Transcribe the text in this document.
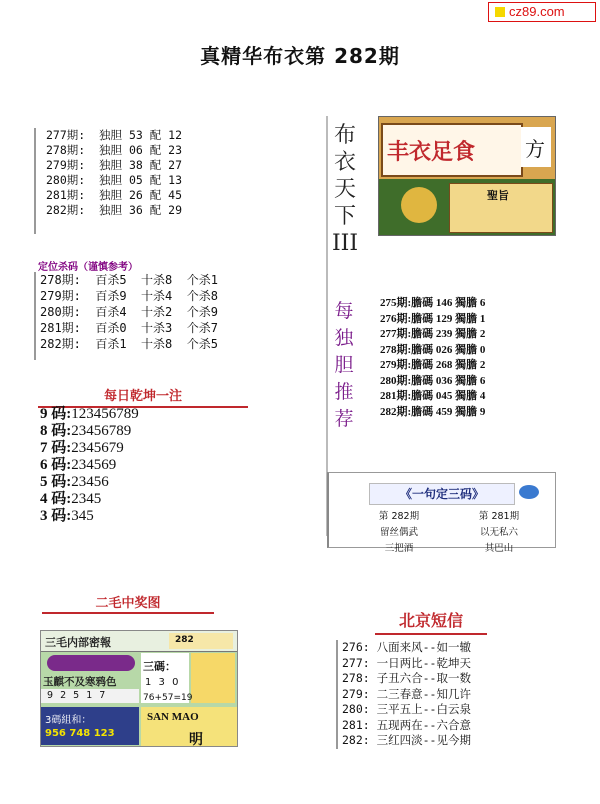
cz89.com
真精华布衣第 282期
277期:  独胆 53 配 12
278期:  独胆 06 配 23
279期:  独胆 38 配 27
280期:  独胆 05 配 13
281期:  独胆 26 配 45
282期:  独胆 36 配 29
定位杀码（谨慎参考）
278期:  百杀5  十杀8  个杀1
279期:  百杀9  十杀4  个杀8
280期:  百杀4  十杀2  个杀9
281期:  百杀0  十杀3  个杀7
282期:  百杀1  十杀8  个杀5
每日乾坤一注
9 码:123456789
8 码:23456789
7 码:2345679
6 码:234569
5 码:23456
4 码:2345
3 码:345
二毛中奖图
三毛内部密報	282
玉麒不及寒鸦色
三碼：
1 3 0
9 2 5 1 7	76+57=19
3碼組和：
956 748 123
SAN MAO
明
布
衣
天
下
III
丰衣足食 方
聖旨
每
独
胆
推
荐
275期:膽碼 146 獨膽 6
276期:膽碼 129 獨膽 1
277期:膽碼 239 獨膽 2
278期:膽碼 026 獨膽 0
279期:膽碼 268 獨膽 2
280期:膽碼 036 獨膽 6
281期:膽碼 045 獨膽 4
282期:膽碼 459 獨膽 9
《一句定三码》
第 282期	第 281期
留丝偶武	以无私六
三把酒	其巴山
北京短信
276: 八面来风--如一辙
277: 一日两比--乾坤天
278: 子丑六合--取一数
279: 二三春意--知几许
280: 三平五上--白云泉
281: 五现两在--六合意
282: 三红四淡--见今期
